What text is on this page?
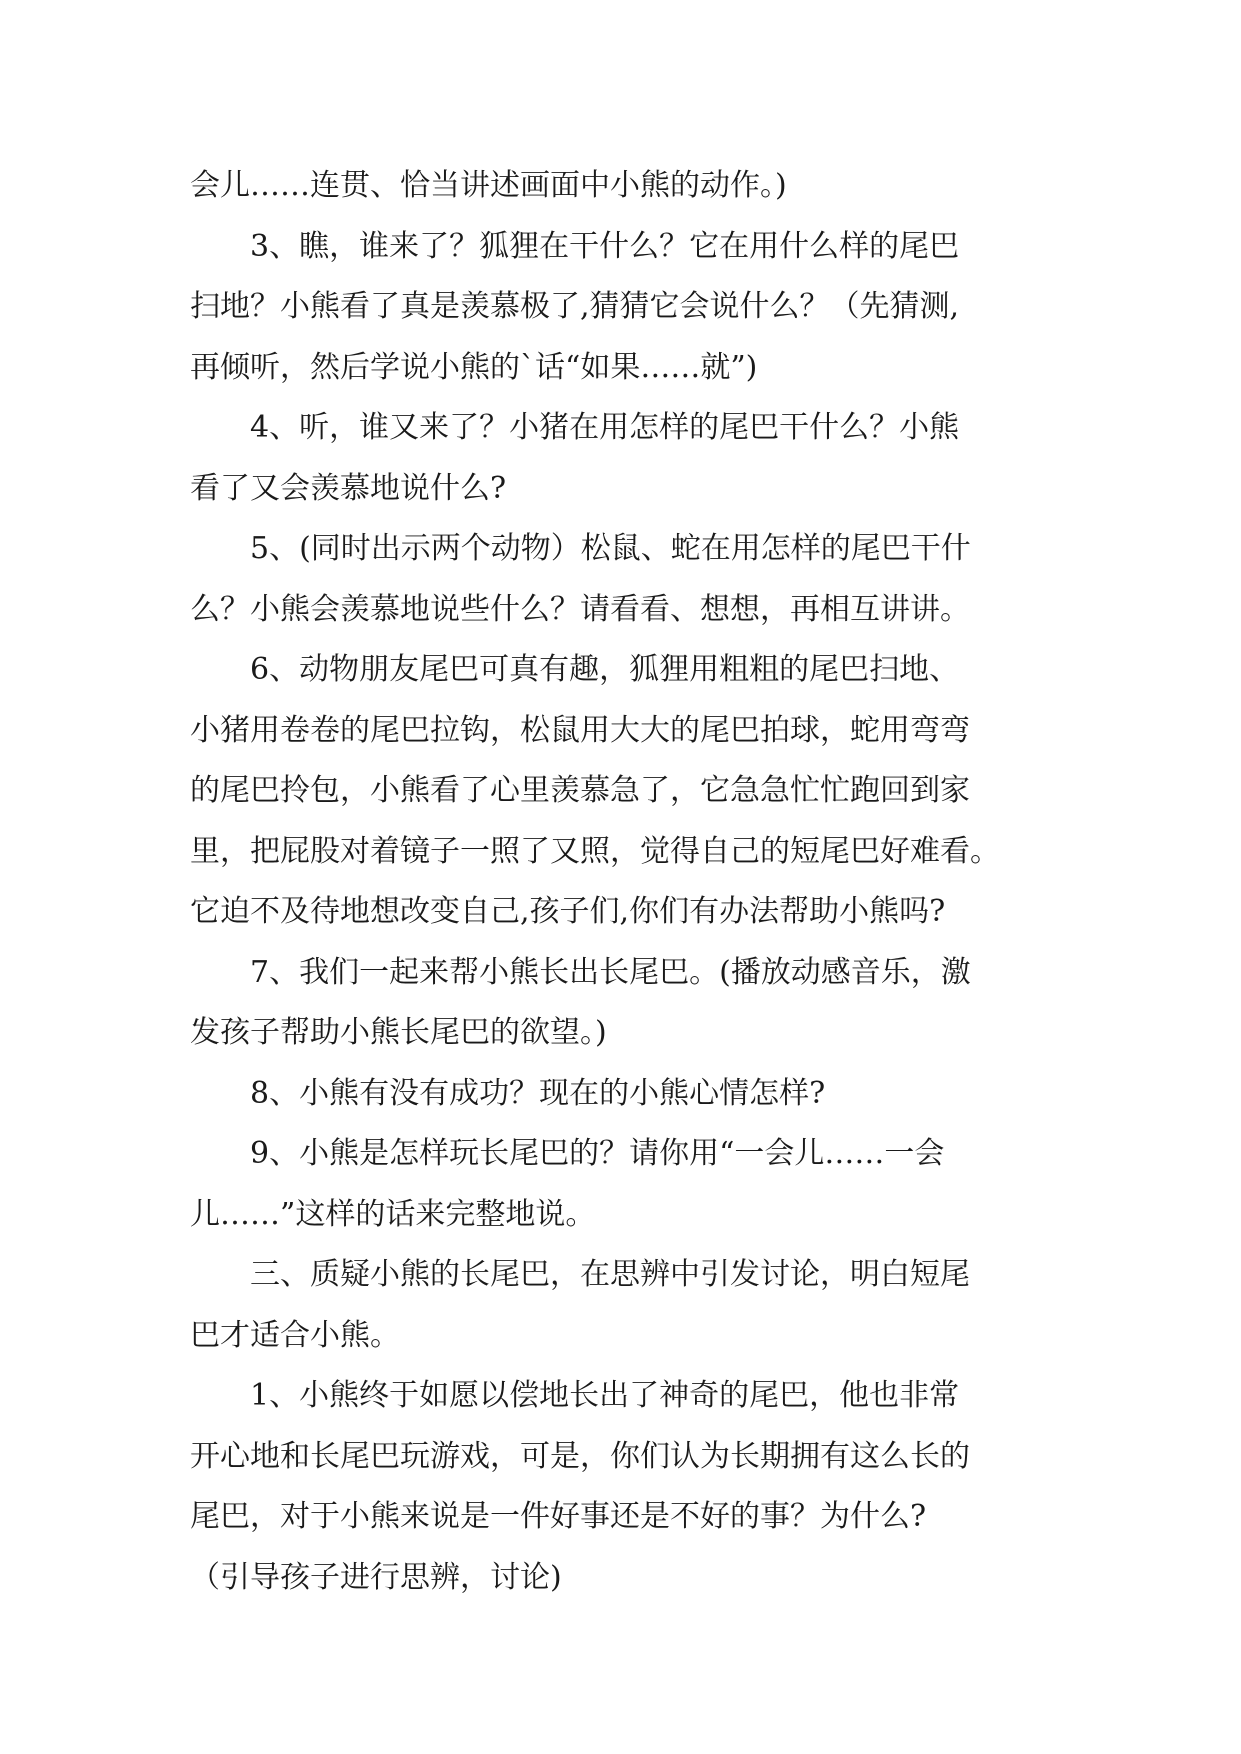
会儿……连贯、恰当讲述画面中小熊的动作。)
3、瞧，谁来了？狐狸在干什么？它在用什么样的尾巴
扫地？小熊看了真是羡慕极了,猜猜它会说什么？（先猜测,
再倾听，然后学说小熊的`话“如果……就”)
4、听，谁又来了？小猪在用怎样的尾巴干什么？小熊
看了又会羡慕地说什么?
5、(同时出示两个动物）松鼠、蛇在用怎样的尾巴干什
么？小熊会羡慕地说些什么？请看看、想想，再相互讲讲。
6、动物朋友尾巴可真有趣，狐狸用粗粗的尾巴扫地、
小猪用卷卷的尾巴拉钩，松鼠用大大的尾巴拍球，蛇用弯弯
的尾巴拎包，小熊看了心里羡慕急了，它急急忙忙跑回到家
里，把屁股对着镜子一照了又照，觉得自己的短尾巴好难看。
它迫不及待地想改变自己,孩子们,你们有办法帮助小熊吗?
7、我们一起来帮小熊长出长尾巴。(播放动感音乐，激
发孩子帮助小熊长尾巴的欲望。)
8、小熊有没有成功？现在的小熊心情怎样?
9、小熊是怎样玩长尾巴的？请你用“一会儿……一会
儿……”这样的话来完整地说。
三、质疑小熊的长尾巴，在思辨中引发讨论，明白短尾
巴才适合小熊。
1、小熊终于如愿以偿地长出了神奇的尾巴，他也非常
开心地和长尾巴玩游戏，可是，你们认为长期拥有这么长的
尾巴，对于小熊来说是一件好事还是不好的事？为什么?
（引导孩子进行思辨，讨论)
